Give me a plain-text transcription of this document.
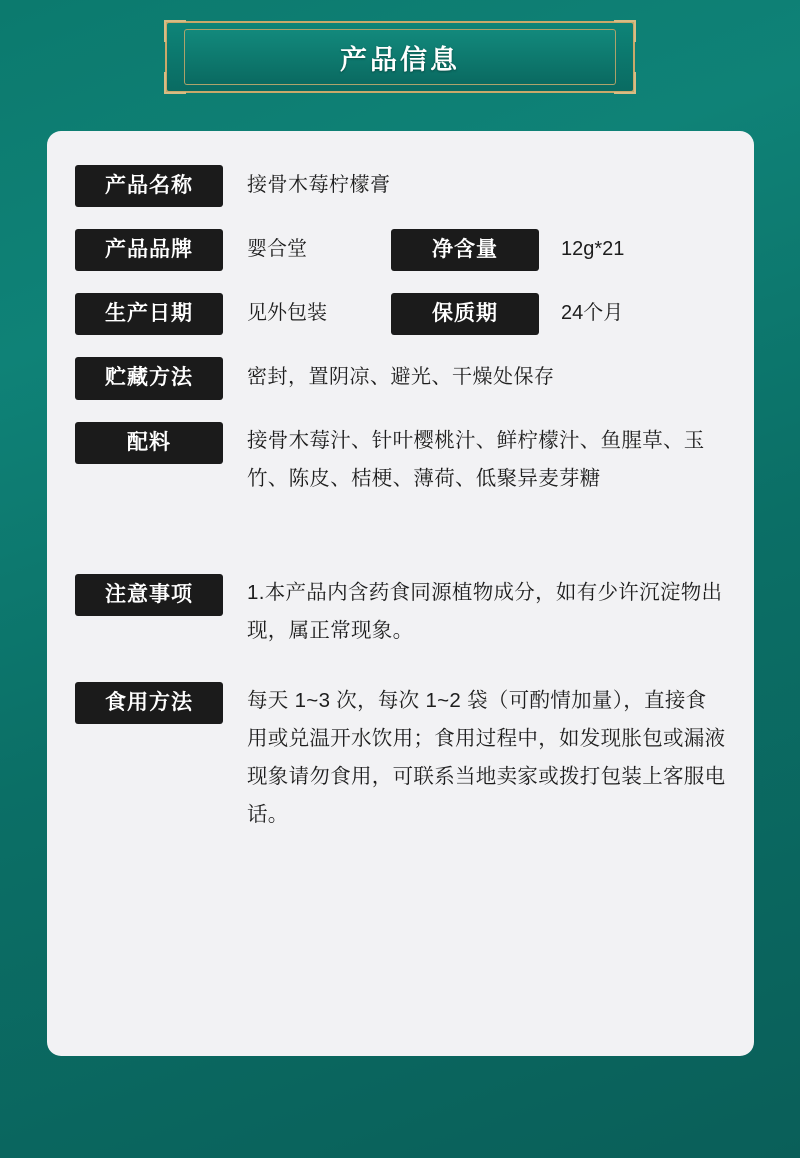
产品信息
产品名称	接骨木莓柠檬膏
产品品牌	婴合堂	净含量	12g*21
生产日期	见外包装	保质期	24个月
贮藏方法	密封，置阴凉、避光、干燥处保存
配料	接骨木莓汁、针叶樱桃汁、鲜柠檬汁、鱼腥草、玉竹、陈皮、桔梗、薄荷、低聚异麦芽糖
注意事项	1.本产品内含药食同源植物成分，如有少许沉淀物出现，属正常现象。
食用方法	每天 1~3 次，每次 1~2 袋（可酌情加量），直接食用或兑温开水饮用；食用过程中，如发现胀包或漏液现象请勿食用，可联系当地卖家或拨打包装上客服电话。
